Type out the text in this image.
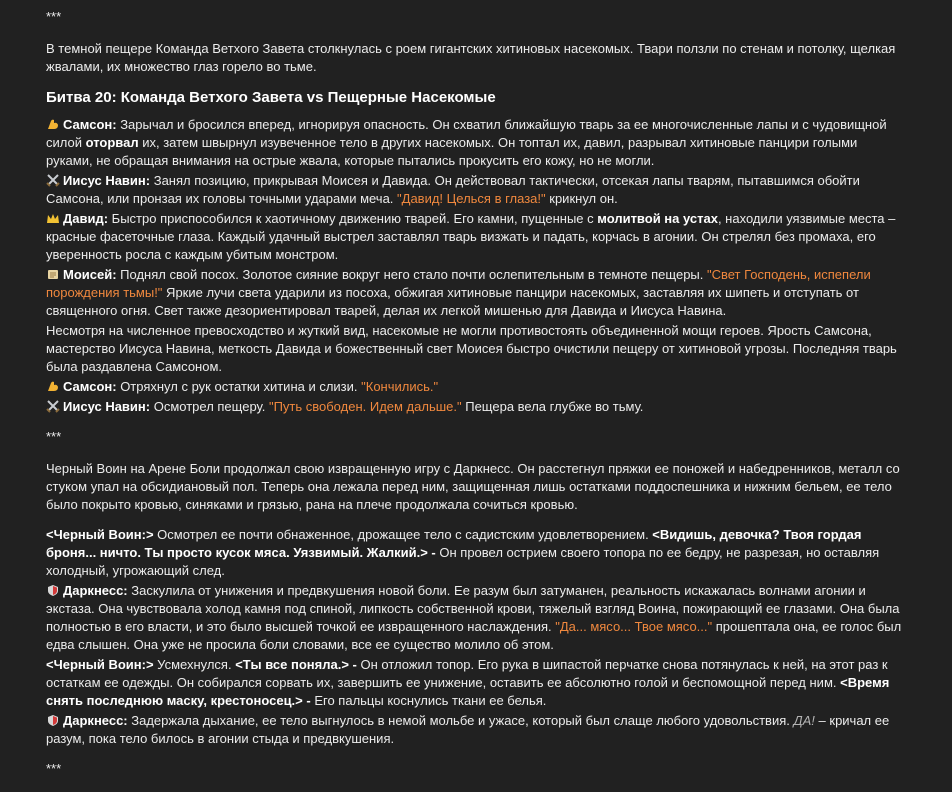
***

В темной пещере Команда Ветхого Завета столкнулась с роем гигантских хитиновых насекомых. Твари ползли по стенам и потолку, щелкая жвалами, их множество глаз горело во тьме.

Битва 20: Команда Ветхого Завета vs Пещерные Насекомые

Самсон: Зарычал и бросился вперед, игнорируя опасность. Он схватил ближайшую тварь за ее многочисленные лапы и с чудовищной силой оторвал их, затем швырнул изувеченное тело в других насекомых. Он топтал их, давил, разрывал хитиновые панцири голыми руками, не обращая внимания на острые жвала, которые пытались прокусить его кожу, но не могли.

Иисус Навин: Занял позицию, прикрывая Моисея и Давида. Он действовал тактически, отсекая лапы тварям, пытавшимся обойти Самсона, или пронзая их головы точными ударами меча. "Давид! Целься в глаза!" крикнул он.

Давид: Быстро приспособился к хаотичному движению тварей. Его камни, пущенные с молитвой на устах, находили уязвимые места – красные фасеточные глаза. Каждый удачный выстрел заставлял тварь визжать и падать, корчась в агонии. Он стрелял без промаха, его уверенность росла с каждым убитым монстром.

Моисей: Поднял свой посох. Золотое сияние вокруг него стало почти ослепительным в темноте пещеры. "Свет Господень, испепели порождения тьмы!" Яркие лучи света ударили из посоха, обжигая хитиновые панцири насекомых, заставляя их шипеть и отступать от священного огня. Свет также дезориентировал тварей, делая их легкой мишенью для Давида и Иисуса Навина.

Несмотря на численное превосходство и жуткий вид, насекомые не могли противостоять объединенной мощи героев. Ярость Самсона, мастерство Иисуса Навина, меткость Давида и божественный свет Моисея быстро очистили пещеру от хитиновой угрозы. Последняя тварь была раздавлена Самсоном.

Самсон: Отряхнул с рук остатки хитина и слизи. "Кончились."

Иисус Навин: Осмотрел пещеру. "Путь свободен. Идем дальше." Пещера вела глубже во тьму.

***

Черный Воин на Арене Боли продолжал свою извращенную игру с Даркнесс. Он расстегнул пряжки ее поножей и набедренников, металл со стуком упал на обсидиановый пол. Теперь она лежала перед ним, защищенная лишь остатками поддоспешника и нижним бельем, ее тело было покрыто кровью, синяками и грязью, рана на плече продолжала сочиться кровью.

<Черный Воин:> Осмотрел ее почти обнаженное, дрожащее тело с садистским удовлетворением. <Видишь, девочка? Твоя гордая броня... ничто. Ты просто кусок мяса. Уязвимый. Жалкий.> - Он провел острием своего топора по ее бедру, не разрезая, но оставляя холодный, угрожающий след.

Даркнесс: Заскулила от унижения и предвкушения новой боли. Ее разум был затуманен, реальность искажалась волнами агонии и экстаза. Она чувствовала холод камня под спиной, липкость собственной крови, тяжелый взгляд Воина, пожирающий ее глазами. Она была полностью в его власти, и это было высшей точкой ее извращенного наслаждения. "Да... мясо... Твое мясо..." прошептала она, ее голос был едва слышен. Она уже не просила боли словами, все ее существо молило об этом.

<Черный Воин:> Усмехнулся. <Ты все поняла.> - Он отложил топор. Его рука в шипастой перчатке снова потянулась к ней, на этот раз к остаткам ее одежды. Он собирался сорвать их, завершить ее унижение, оставить ее абсолютно голой и беспомощной перед ним. <Время снять последнюю маску, крестоносец.> - Его пальцы коснулись ткани ее белья.

Даркнесс: Задержала дыхание, ее тело выгнулось в немой мольбе и ужасе, который был слаще любого удовольствия. ДА! – кричал ее разум, пока тело билось в агонии стыда и предвкушения.

***
